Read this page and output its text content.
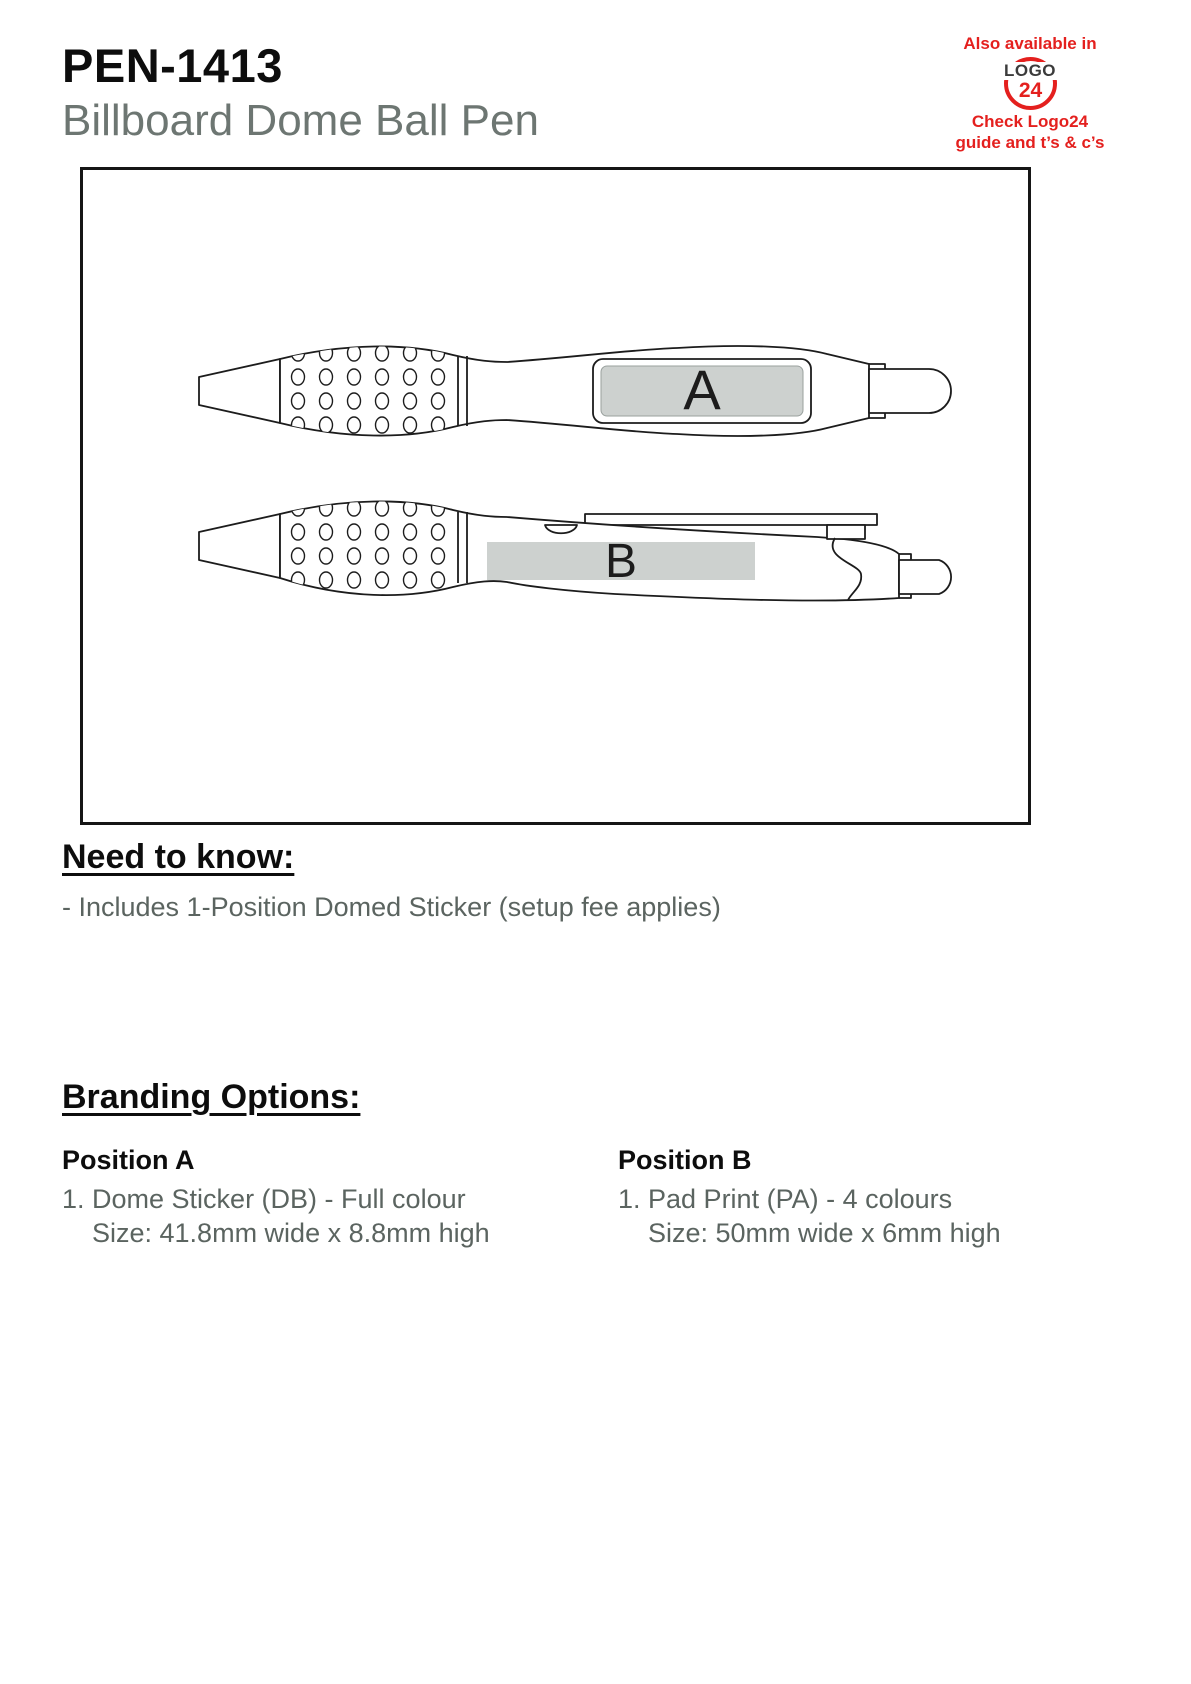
PEN-1413
Billboard Dome Ball Pen
Also available in
LOGO
24
Check Logo24
guide and t’s & c’s
A
B
Need to know:
- Includes 1-Position Domed Sticker (setup fee applies)
Branding Options:
Position A
1. Dome Sticker (DB) - Full colour
Size: 41.8mm wide x 8.8mm high
Position B
1. Pad Print (PA) - 4 colours
Size: 50mm wide x 6mm high
